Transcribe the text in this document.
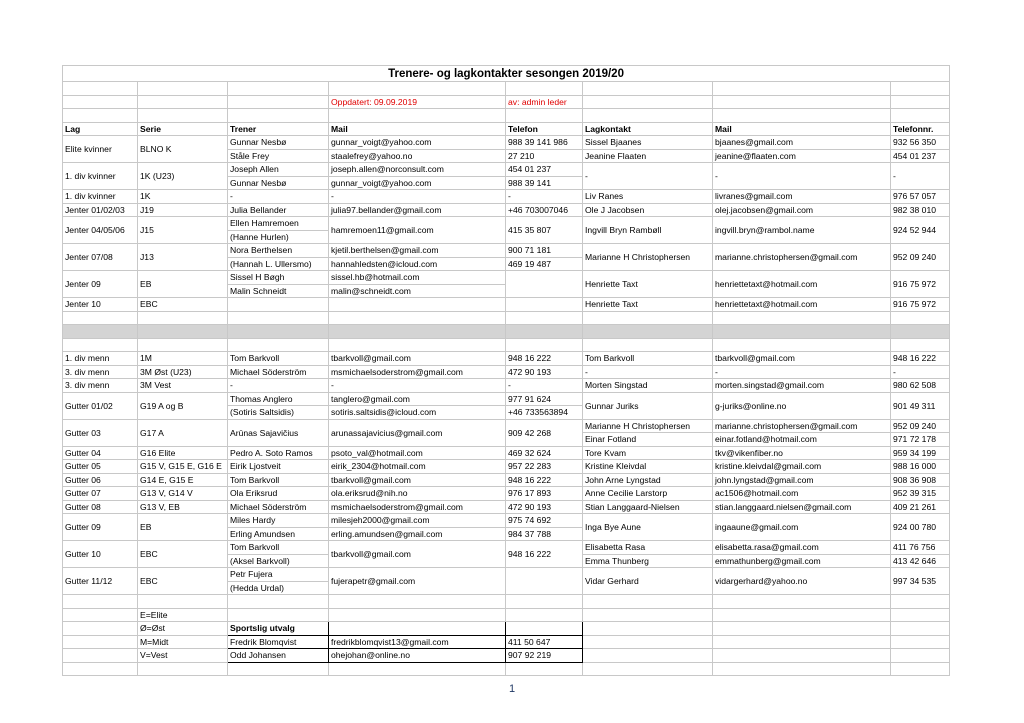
Trenere- og lagkontakter sesongen 2019/20							

			Oppdatert: 09.09.2019	av: admin leder			

Lag	Serie	Trener	Mail	Telefon	Lagkontakt	Mail	Telefonnr.
Elite kvinner	BLNO K	Gunnar Nesbø	gunnar_voigt@yahoo.com	988 39 141 986	Sissel Bjaanes	bjaanes@gmail.com	932 56 350
		Ståle Frey	staalefrey@yahoo.no	27 210	Jeanine Flaaten	jeanine@flaaten.com	454 01 237
1. div kvinner	1K (U23)	Joseph Allen	joseph.allen@norconsult.com	454 01 237	-	-	-
		Gunnar Nesbø	gunnar_voigt@yahoo.com	988 39 141			
1. div kvinner	1K	-	-	-	Liv Ranes	livranes@gmail.com	976 57 057
Jenter 01/02/03	J19	Julia Bellander	julia97.bellander@gmail.com	+46 703007046	Ole J Jacobsen	olej.jacobsen@gmail.com	982 38 010
Jenter 04/05/06	J15	Ellen Hamremoen	hamremoen11@gmail.com	415 35 807	Ingvill Bryn Rambøll	ingvill.bryn@rambol.name	924 52 944
		(Hanne Hurlen)					
Jenter 07/08	J13	Nora Berthelsen	kjetil.berthelsen@gmail.com	900 71 181	Marianne H Christophersen	marianne.christophersen@gmail.com	952 09 240
		(Hannah L. Ullersmo)	hannahledsten@icloud.com	469 19 487			
Jenter 09	EB	Sissel H Bøgh	sissel.hb@hotmail.com		Henriette Taxt	henriettetaxt@hotmail.com	916 75 972
		Malin Schneidt	malin@schneidt.com				
Jenter 10	EBC				Henriette Taxt	henriettetaxt@hotmail.com	916 75 972

1. div menn	1M	Tom Barkvoll	tbarkvoll@gmail.com	948 16 222	Tom Barkvoll	tbarkvoll@gmail.com	948 16 222
3. div menn	3M Øst (U23)	Michael Söderström	msmichaelsoderstrom@gmail.com	472 90 193	-	-	-
3. div menn	3M Vest	-	-	-	Morten Singstad	morten.singstad@gmail.com	980 62 508
Gutter 01/02	G19 A og B	Thomas Anglero	tanglero@gmail.com	977 91 624	Gunnar Juriks	g-juriks@online.no	901 49 311
		(Sotiris Saltsidis)	sotiris.saltsidis@icloud.com	+46 733563894			
Gutter 03	G17 A	Arūnas Sajavičius	arunassajavicius@gmail.com	909 42 268	Marianne H Christophersen	marianne.christophersen@gmail.com	952 09 240
					Einar Fotland	einar.fotland@hotmail.com	971 72 178
Gutter 04	G16 Elite	Pedro A. Soto Ramos	psoto_val@hotmail.com	469 32 624	Tore Kvam	tkv@vikenfiber.no	959 34 199
Gutter 05	G15 V, G15 E, G16 E	Eirik Ljostveit	eirik_2304@hotmail.com	957 22 283	Kristine Kleivdal	kristine.kleivdal@gmail.com	988 16 000
Gutter 06	G14 E, G15 E	Tom Barkvoll	tbarkvoll@gmail.com	948 16 222	John Arne Lyngstad	john.lyngstad@gmail.com	908 36 908
Gutter 07	G13 V, G14 V	Ola Eriksrud	ola.eriksrud@nih.no	976 17 893	Anne Cecilie Larstorp	ac1506@hotmail.com	952 39 315
Gutter 08	G13 V, EB	Michael Söderström	msmichaelsoderstrom@gmail.com	472 90 193	Stian Langgaard-Nielsen	stian.langgaard.nielsen@gmail.com	409 21 261
Gutter 09	EB	Miles Hardy	milesjeh2000@gmail.com	975 74 692	Inga Bye Aune	ingaaune@gmail.com	924 00 780
		Erling Amundsen	erling.amundsen@gmail.com	984 37 788			
Gutter 10	EBC	Tom Barkvoll	tbarkvoll@gmail.com	948 16 222	Elisabetta Rasa	elisabetta.rasa@gmail.com	411 76 756
		(Aksel Barkvoll)			Emma Thunberg	emmathunberg@gmail.com	413 42 646
Gutter 11/12	EBC	Petr Fujera	fujerapetr@gmail.com		Vidar Gerhard	vidargerhard@yahoo.no	997 34 535
		(Hedda Urdal)					

	E=Elite						
	Ø=Øst	Sportslig utvalg					
	M=Midt	Fredrik Blomqvist	fredrikblomqvist13@gmail.com	411 50 647			
	V=Vest	Odd Johansen	ohejohan@online.no	907 92 219			

1
